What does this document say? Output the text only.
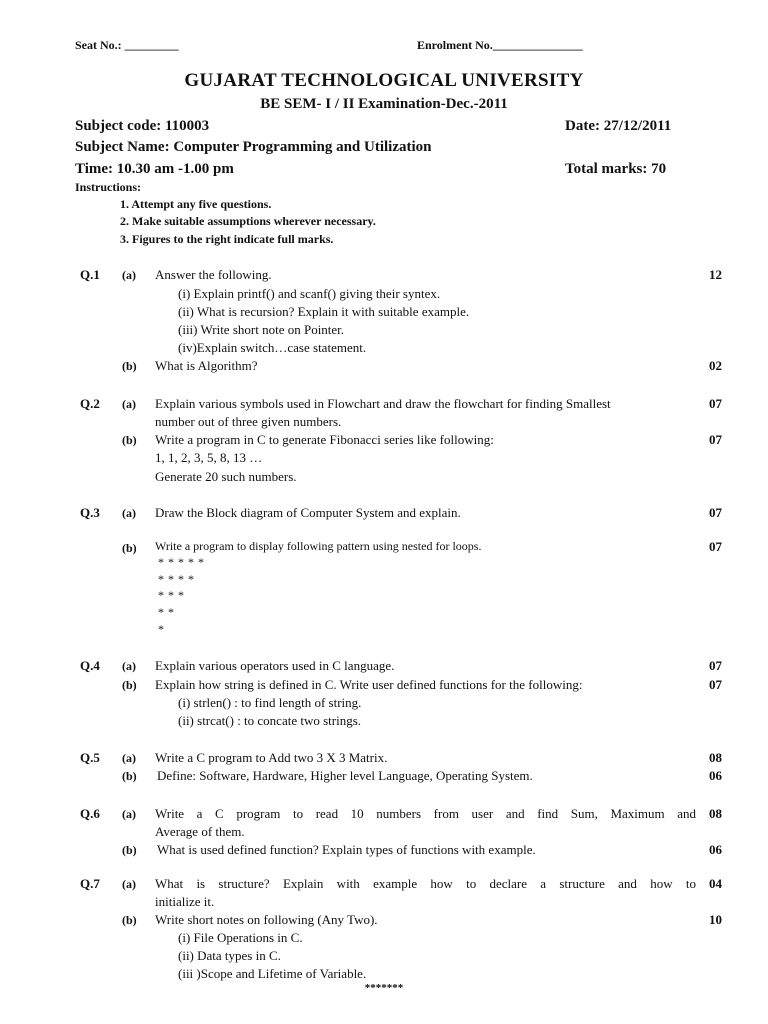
Seat No.: _________	Enrolment No._______________
GUJARAT TECHNOLOGICAL UNIVERSITY
BE SEM- I / II Examination-Dec.-2011
Subject code: 110003	Date: 27/12/2011
Subject Name: Computer Programming and Utilization
Time: 10.30 am -1.00 pm	Total marks: 70
Instructions:
1. Attempt any five questions.
2. Make suitable assumptions wherever necessary.
3. Figures to the right indicate full marks.
Q.1 (a) Answer the following.	12
(i) Explain printf() and scanf() giving their syntex.
(ii) What is recursion? Explain it with suitable example.
(iii) Write short note on Pointer.
(iv)Explain switch…case statement.
(b) What is Algorithm?	02
Q.2 (a) Explain various symbols used in Flowchart and draw the flowchart for finding Smallest
number out of three given numbers.
07
(b) Write a program in C to generate Fibonacci series like following:
1, 1, 2, 3, 5, 8, 13 …
Generate 20 such numbers.
07
Q.3 (a) Draw the Block diagram of Computer System and explain.	07
(b) Write a program to display following pattern using nested for loops.	07
* * * * *
* * * *
* * *
* *
*
Q.4 (a) Explain various operators used in C language.	07
(b) Explain how string is defined in C. Write user defined functions for the following:	07
(i) strlen() : to find length of string.
(ii) strcat() : to concate two strings.
Q.5 (a) Write a C program to Add two 3 X 3 Matrix.	08
(b) Define: Software, Hardware, Higher level Language, Operating System.	06
Q.6 (a) Write a C program to read 10 numbers from user and find Sum, Maximum and
Average of them.
08
(b) What is used defined function? Explain types of functions with example.	06
Q.7 (a) What is structure? Explain with example how to declare a structure and how to
initialize it.
04
(b) Write short notes on following (Any Two).	10
(i) File Operations in C.
(ii) Data types in C.
(iii )Scope and Lifetime of Variable.
*******
